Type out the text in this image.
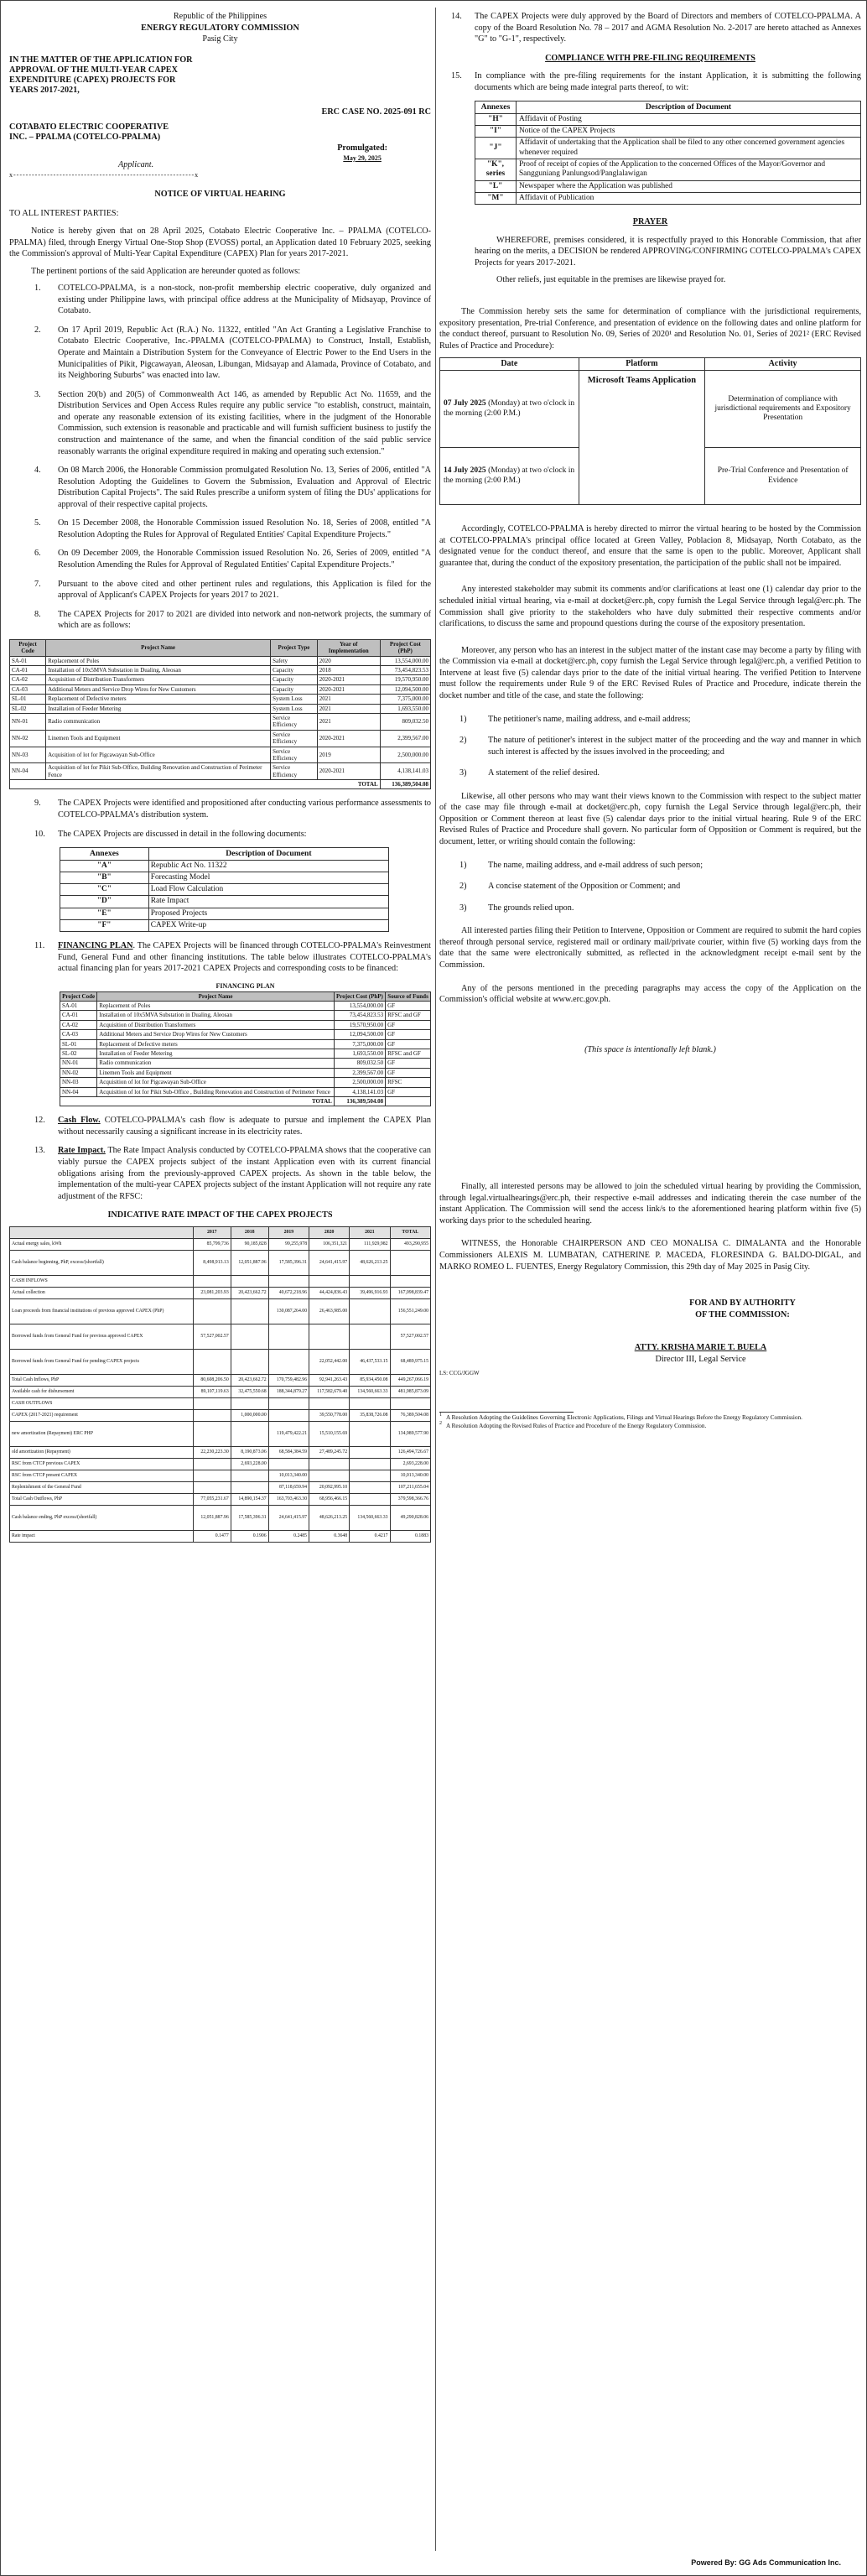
Republic of the Philippines

ENERGY REGULATORY COMMISSION

Pasig City

IN THE MATTER OF THE APPLICATION FOR APPROVAL OF THE MULTI-YEAR CAPEX EXPENDITURE (CAPEX) PROJECTS FOR YEARS 2017-2021,
ERC CASE NO. 2025-091 RC
COTABATO ELECTRIC COOPERATIVE INC. – PPALMA (COTELCO-PPALMA)
Applicant.
Promulgated:
May 29, 2025
x-----------------------------------------------------------x

NOTICE OF VIRTUAL HEARING

TO ALL INTEREST PARTIES:

Notice is hereby given that on 28 April 2025, Cotabato Electric Cooperative Inc. – PPALMA (COTELCO-PPALMA) filed, through Energy Virtual One-Stop Shop (EVOSS) portal, an Application dated 10 February 2025, seeking the Commission's approval of Multi-Year Capital Expenditure (CAPEX) Plan for years 2017-2021.

The pertinent portions of the said Application are hereunder quoted as follows:

1. COTELCO-PPALMA, is a non-stock, non-profit membership electric cooperative, duly organized and existing under Philippine laws, with principal office address at the Municipality of Midsayap, Province of Cotabato.
2. On 17 April 2019, Republic Act (R.A.) No. 11322, entitled "An Act Granting a Legislative Franchise to Cotabato Electric Cooperative, Inc.-PPALMA (COTELCO-PPALMA) to Construct, Install, Establish, Operate and Maintain a Distribution System for the Conveyance of Electric Power to the End Users in the Municipalities of Pikit, Pigcawayan, Aleosan, Libungan, Midsayap and Alamada, Province of Cotabato, and its Neighboring Suburbs" was enacted into law.
3. Section 20(b) and 20(5) of Commonwealth Act 146, as amended by Republic Act No. 11659, and the Distribution Services and Open Access Rules require any public service "to establish, construct, maintain, and operate any reasonable extension of its existing facilities, where in the judgment of the Honorable Commission, such extension is reasonable and practicable and will furnish sufficient business to justify the construction and maintenance of the same, and when the financial condition of the said public service reasonably warrants the original expenditure required in making and operating such extension."
4. On 08 March 2006, the Honorable Commission promulgated Resolution No. 13, Series of 2006, entitled "A Resolution Adopting the Guidelines to Govern the Submission, Evaluation and Approval of Electric Distribution Capital Projects". The said Rules prescribe a uniform system of filing the DUs' applications for approval of their respective capital projects.
5. On 15 December 2008, the Honorable Commission issued Resolution No. 18, Series of 2008, entitled "A Resolution Adopting the Rules for Approval of Regulated Entities' Capital Expenditure Projects."
6. On 09 December 2009, the Honorable Commission issued Resolution No. 26, Series of 2009, entitled "A Resolution Amending the Rules for Approval of Regulated Entities' Capital Expenditure Projects."
7. Pursuant to the above cited and other pertinent rules and regulations, this Application is filed for the approval of Applicant's CAPEX Projects for years 2017 to 2021.
8. The CAPEX Projects for 2017 to 2021 are divided into network and non-network projects, the summary of which are as follows:
Project Code	Project Name	Project Type	Year of Implementation	Project Cost (PhP)
SA-01	Replacement of Poles	Safety	2020	13,554,000.00
CA-01	Installation of 10x5MVA Substation in Dualing, Aleosan	Capacity	2018	73,454,823.53
CA-02	Acquisition of Distribution Transformers	Capacity	2020-2021	19,570,950.00
CA-03	Additional Meters and Service Drop Wires for New Customers	Capacity	2020-2021	12,094,500.00
SL-01	Replacement of Defective meters	System Loss	2021	7,375,000.00
SL-02	Installation of Feeder Metering	System Loss	2021	1,693,550.00
NN-01	Radio communication	Service Efficiency	2021	809,032.50
NN-02	Linemen Tools and Equipment	Service Efficiency	2020-2021	2,399,567.00
NN-03	Acquisition of lot for Pigcawayan Sub-Office	Service Efficiency	2019	2,500,000.00
NN-04	Acquisition of lot for Pikit Sub-Office, Building Renovation and Construction of Perimeter Fence	Service Efficiency	2020-2021	4,138,141.03
TOTAL				136,389,504.08
9. The CAPEX Projects were identified and propositioned after conducting various performance assessments to COTELCO-PPALMA's distribution system.
10. The CAPEX Projects are discussed in detail in the following documents:
Annexes	Description of Document
"A"	Republic Act No. 11322
"B"	Forecasting Model
"C"	Load Flow Calculation
"D"	Rate Impact
"E"	Proposed Projects
"F"	CAPEX Write-up
11. FINANCING PLAN. The CAPEX Projects will be financed through COTELCO-PPALMA's Reinvestment Fund, General Fund and other financing institutions. The table below illustrates COTELCO-PPALMA's actual financing plan for years 2017-2021 CAPEX Projects and corresponding costs to be financed:
FINANCING PLAN
Project Code	Project Name	Project Cost (PhP)	Source of Funds
SA-01	Replacement of Poles	13,554,000.00	GF
CA-01	Installation of 10x5MVA Substation in Dualing, Aleosan	73,454,823.53	RFSC and GF
CA-02	Acquisition of Distribution Transformers	19,570,950.00	GF
CA-03	Additional Meters and Service Drop Wires for New Customers	12,094,500.00	GF
SL-01	Replacement of Defective meters	7,375,000.00	GF
SL-02	Installation of Feeder Metering	1,693,550.00	RFSC and GF
NN-01	Radio communication	809,032.50	GF
NN-02	Linemen Tools and Equipment	2,399,567.00	GF
NN-03	Acquisition of lot for Pigcawayan Sub-Office	2,500,000.00	RFSC
NN-04	Acquisition of lot for Pikit Sub-Office , Building Renovation and Construction of Perimeter Fence	4,138,141.03	GF
TOTAL		136,389,504.08	
12. Cash Flow. COTELCO-PPALMA's cash flow is adequate to pursue and implement the CAPEX Plan without necessarily causing a significant increase in its electricity rates.
13. Rate Impact. The Rate Impact Analysis conducted by COTELCO-PPALMA shows that the cooperative can viably pursue the CAPEX projects subject of the instant Application even with its current financial obligations arising from the previously-approved CAPEX projects. As shown in the table below, the implementation of the multi-year CAPEX projects subject of the instant Application will not require any rate adjustment of the RFSC:
INDICATIVE RATE IMPACT OF THE CAPEX PROJECTS
	2017	2018	2019	2020	2021	TOTAL
Actual energy sales, kWh	85,799,736	90,185,828	99,255,978	106,351,321	111,929,982	493,290,955
Cash balance beginning, PhP, excess/(shortfall)	8,498,913.13	12,051,887.96	17,585,396.31	24,641,415.97	48,626,213.25	
CASH INFLOWS						
Actual collection	23,081,203.93	20,423,662.72	40,672,218.96	44,424,836.43	39,496,916.93	167,098,839.47
Loan proceeds from financial institutions of previous approved CAPEX (PhP)			130,087,264.00	26,463,985.00		156,551,249.00
Borrowed funds from General Fund for previous approved CAPEX	57,527,002.57					57,527,002.57
Borrowed funds from General Fund for pending CAPEX projects				22,052,442.00	46,437,533.15	68,489,975.15
Total Cash Inflows, PhP	80,608,206.50	20,423,662.72	170,759,482.96	92,941,263.43	85,934,450.08	449,267,066.19
Available cash for disbursement	89,107,119.63	32,475,550.68	188,344,879.27	117,582,679.40	134,560,663.33	481,985,873.09
CASH OUTFLOWS						
CAPEX (2017-2021) requirement		1,000,000.00		39,550,778.00	35,838,726.08	76,389,504.08
new amortization (Repayment) ERC PHP			119,479,422.21	15,510,155.69		134,989,577.90
old amortization (Repayment)	22,230,223.30	8,190,873.06	68,584,384.59	27,489,245.72		126,494,726.67
RSC from CTCP previous CAPEX		2,693,228.00				2,693,228.00
RSC from CTCP present CAPEX			10,013,340.00			10,013,340.00
Replenishment of the General Fund			87,118,659.94	20,092,995.10		107,211,655.04
Total Cash Outflows, PhP	77,055,231.67	14,890,154.37	163,703,463.30	68,956,466.15		379,598,366.76
Cash balance ending, PhP excess/(shortfall)	12,051,887.96	17,585,396.31	24,641,415.97	48,626,213.25	134,560,663.33	49,290,828.06
Rate impact	0.1477	0.1906	0.2485	0.3648	0.4217	0.1883
14. The CAPEX Projects were duly approved by the Board of Directors and members of COTELCO-PPALMA. A copy of the Board Resolution No. 78 – 2017 and AGMA Resolution No. 2-2017 are hereto attached as Annexes "G" to "G-1", respectively.

COMPLIANCE WITH PRE-FILING REQUIREMENTS

15. In compliance with the pre-filing requirements for the instant Application, it is submitting the following documents which are being made integral parts thereof, to wit:
Annexes	Description of Document
"H"	Affidavit of Posting
"I"	Notice of the CAPEX Projects
"J"	Affidavit of undertaking that the Application shall be filed to any other concerned government agencies whenever required
"K", series	Proof of receipt of copies of the Application to the concerned Offices of the Mayor/Governor and Sangguniang Panlungsod/Panglalawigan
"L"	Newspaper where the Application was published
"M"	Affidavit of Publication

PRAYER

WHEREFORE, premises considered, it is respectfully prayed to this Honorable Commission, that after hearing on the merits, a DECISION be rendered APPROVING/CONFIRMING COTELCO-PPALMA's CAPEX Projects for years 2017-2021.

Other reliefs, just equitable in the premises are likewise prayed for.

The Commission hereby sets the same for determination of compliance with the jurisdictional requirements, expository presentation, Pre-trial Conference, and presentation of evidence on the following dates and online platform for the conduct thereof, pursuant to Resolution No. 09, Series of 2020¹ and Resolution No. 01, Series of 2021² (ERC Revised Rules of Practice and Procedure):

Date	Platform	Activity
07 July 2025 (Monday) at two o'clock in the morning (2:00 P.M.)	Microsoft Teams Application	Determination of compliance with jurisdictional requirements and Expository Presentation
14 July 2025 (Monday) at two o'clock in the morning (2:00 P.M.)		Pre-Trial Conference and Presentation of Evidence

Accordingly, COTELCO-PPALMA is hereby directed to mirror the virtual hearing to be hosted by the Commission at COTELCO-PPALMA's principal office located at Green Valley, Poblacion 8, Midsayap, North Cotabato, as the designated venue for the conduct thereof, and ensure that the same is open to the public. Moreover, Applicant shall guarantee that, during the conduct of the expository presentation, the participation of the public shall not be impaired.

Any interested stakeholder may submit its comments and/or clarifications at least one (1) calendar day prior to the scheduled initial virtual hearing, via e-mail at docket@erc.ph, copy furnish the Legal Service through legal@erc.ph. The Commission shall give priority to the stakeholders who have duly submitted their respective comments and/or clarifications, to discuss the same and propound questions during the course of the expository presentation.

Moreover, any person who has an interest in the subject matter of the instant case may become a party by filing with the Commission via e-mail at docket@erc.ph, copy furnish the Legal Service through legal@erc.ph, a verified Petition to Intervene at least five (5) calendar days prior to the date of the initial virtual hearing. The verified Petition to Intervene must follow the requirements under Rule 9 of the ERC Revised Rules of Practice and Procedure, indicate therein the docket number and title of the case, and state the following:

1)	The petitioner's name, mailing address, and e-mail address;
2)	The nature of petitioner's interest in the subject matter of the proceeding and the way and manner in which such interest is affected by the issues involved in the proceeding; and
3)	A statement of the relief desired.

Likewise, all other persons who may want their views known to the Commission with respect to the subject matter of the case may file through e-mail at docket@erc.ph, copy furnish the Legal Service through legal@erc.ph, their Opposition or Comment thereon at least five (5) calendar days prior to the initial virtual hearing. Rule 9 of the ERC Revised Rules of Practice and Procedure shall govern. No particular form of Opposition or Comment is required, but the document, letter, or writing should contain the following:

1)	The name, mailing address, and e-mail address of such person;
2)	A concise statement of the Opposition or Comment; and
3)	The grounds relied upon.

All interested parties filing their Petition to Intervene, Opposition or Comment are required to submit the hard copies thereof through personal service, registered mail or ordinary mail/private courier, within five (5) working days from the date that the same were electronically submitted, as reflected in the acknowledgment receipt e-mail sent by the Commission.

Any of the persons mentioned in the preceding paragraphs may access the copy of the Application on the Commission's official website at www.erc.gov.ph.

(This space is intentionally left blank.)

Finally, all interested persons may be allowed to join the scheduled virtual hearing by providing the Commission, through legal.virtualhearings@erc.ph, their respective e-mail addresses and indicating therein the case number of the instant Application. The Commission will send the access link/s to the aforementioned hearing platform within five (5) working days prior to the scheduled hearing.

WITNESS, the Honorable CHAIRPERSON AND CEO MONALISA C. DIMALANTA and the Honorable Commissioners ALEXIS M. LUMBATAN, CATHERINE P. MACEDA, FLORESINDA G. BALDO-DIGAL, and MARKO ROMEO L. FUENTES, Energy Regulatory Commission, this 29th day of May 2025 in Pasig City.

FOR AND BY AUTHORITY
OF THE COMMISSION:
ATTY. KRISHA MARIE T. BUELA
Director III, Legal Service
LS: CCG/JGGW
1 A Resolution Adopting the Guidelines Governing Electronic Applications, Filings and Virtual Hearings Before the Energy Regulatory Commission.
2 A Resolution Adopting the Revised Rules of Practice and Procedure of the Energy Regulatory Commission.
Powered By: GG Ads Communication Inc.
